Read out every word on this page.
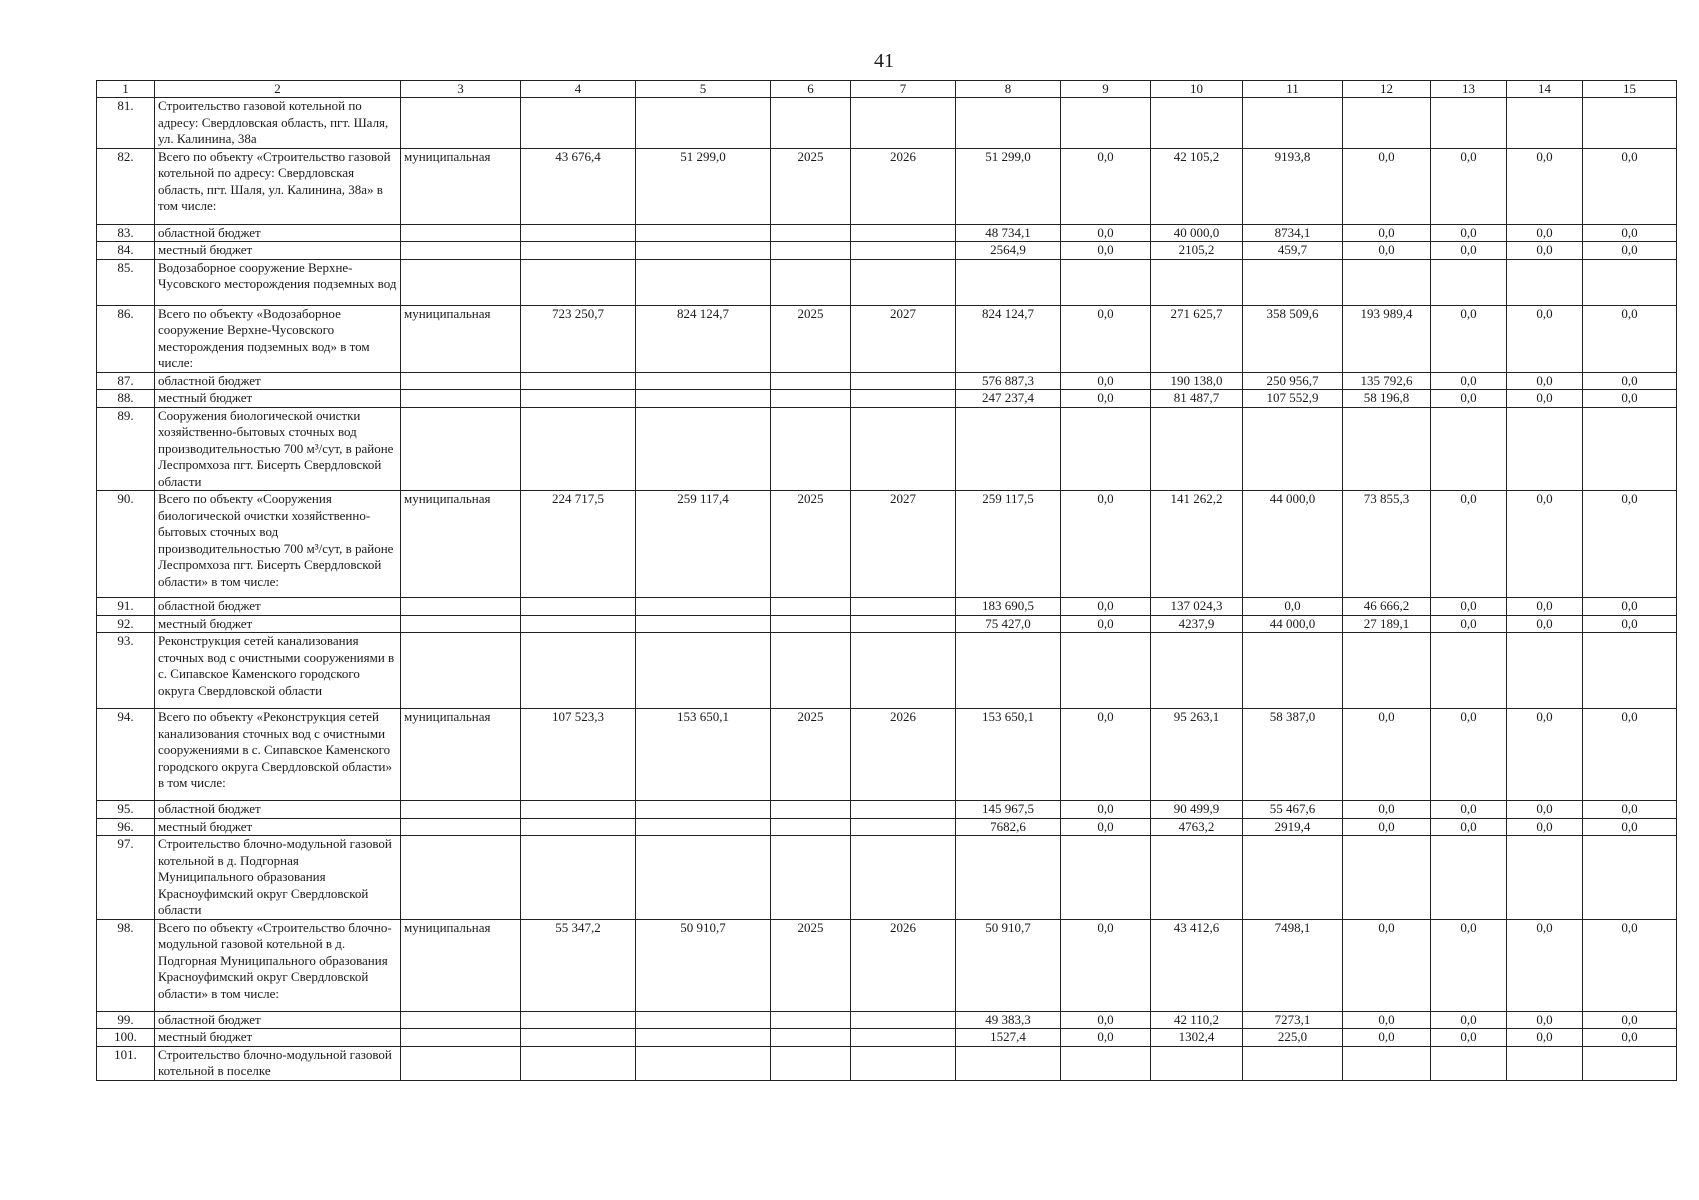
41
1	2	3	4	5	6	7	8	9	10	11	12	13	14	15
81.	Строительство газовой котельной по адресу: Свердловская область, пгт. Шаля, ул. Калинина, 38а													
82.	Всего по объекту «Строительство газовой котельной по адресу: Свердловская область, пгт. Шаля, ул. Калинина, 38а» в том числе:	муниципальная	43 676,4	51 299,0	2025	2026	51 299,0	0,0	42 105,2	9193,8	0,0	0,0	0,0	0,0
83.	областной бюджет						48 734,1	0,0	40 000,0	8734,1	0,0	0,0	0,0	0,0
84.	местный бюджет						2564,9	0,0	2105,2	459,7	0,0	0,0	0,0	0,0
85.	Водозаборное сооружение Верхне-Чусовского месторождения подземных вод													
86.	Всего по объекту «Водозаборное сооружение Верхне-Чусовского месторождения подземных вод» в том числе:	муниципальная	723 250,7	824 124,7	2025	2027	824 124,7	0,0	271 625,7	358 509,6	193 989,4	0,0	0,0	0,0
87.	областной бюджет						576 887,3	0,0	190 138,0	250 956,7	135 792,6	0,0	0,0	0,0
88.	местный бюджет						247 237,4	0,0	81 487,7	107 552,9	58 196,8	0,0	0,0	0,0
89.	Сооружения биологической очистки хозяйственно-бытовых сточных вод производительностью 700 м³/сут, в районе Леспромхоза пгт. Бисерть Свердловской области													
90.	Всего по объекту «Сооружения биологической очистки хозяйственно-бытовых сточных вод производительностью 700 м³/сут, в районе Леспромхоза пгт. Бисерть Свердловской области» в том числе:	муниципальная	224 717,5	259 117,4	2025	2027	259 117,5	0,0	141 262,2	44 000,0	73 855,3	0,0	0,0	0,0
91.	областной бюджет						183 690,5	0,0	137 024,3	0,0	46 666,2	0,0	0,0	0,0
92.	местный бюджет						75 427,0	0,0	4237,9	44 000,0	27 189,1	0,0	0,0	0,0
93.	Реконструкция сетей канализования сточных вод с очистными сооружениями в с. Сипавское Каменского городского округа Свердловской области													
94.	Всего по объекту «Реконструкция сетей канализования сточных вод с очистными сооружениями в с. Сипавское Каменского городского округа Свердловской области» в том числе:	муниципальная	107 523,3	153 650,1	2025	2026	153 650,1	0,0	95 263,1	58 387,0	0,0	0,0	0,0	0,0
95.	областной бюджет						145 967,5	0,0	90 499,9	55 467,6	0,0	0,0	0,0	0,0
96.	местный бюджет						7682,6	0,0	4763,2	2919,4	0,0	0,0	0,0	0,0
97.	Строительство блочно-модульной газовой котельной в д. Подгорная Муниципального образования Красноуфимский округ Свердловской области													
98.	Всего по объекту «Строительство блочно-модульной газовой котельной в д. Подгорная Муниципального образования Красноуфимский округ Свердловской области» в том числе:	муниципальная	55 347,2	50 910,7	2025	2026	50 910,7	0,0	43 412,6	7498,1	0,0	0,0	0,0	0,0
99.	областной бюджет						49 383,3	0,0	42 110,2	7273,1	0,0	0,0	0,0	0,0
100.	местный бюджет						1527,4	0,0	1302,4	225,0	0,0	0,0	0,0	0,0
101.	Строительство блочно-модульной газовой котельной в поселке													
